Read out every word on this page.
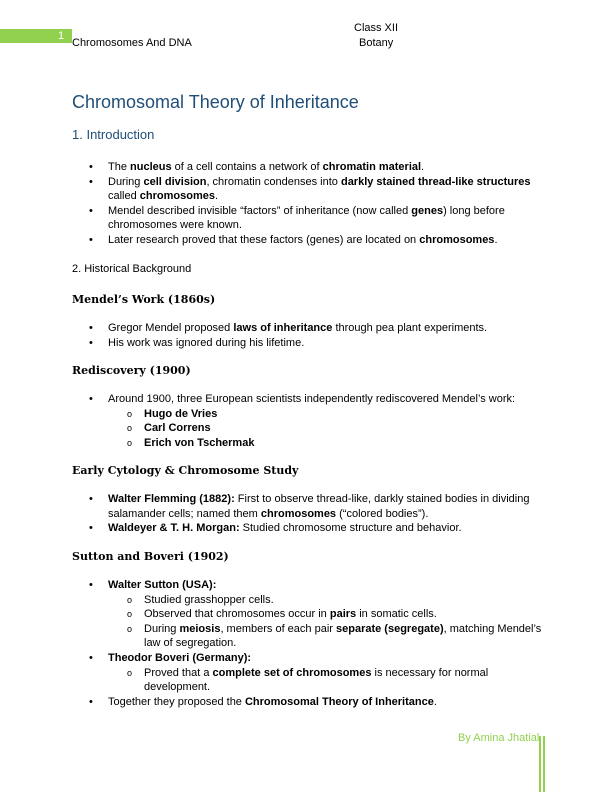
1
Chromosomes And DNA
Class XII
Botany
Chromosomal Theory of Inheritance
1. Introduction
• The nucleus of a cell contains a network of chromatin material.
• During cell division, chromatin condenses into darkly stained thread-like structures called chromosomes.
• Mendel described invisible “factors” of inheritance (now called genes) long before chromosomes were known.
• Later research proved that these factors (genes) are located on chromosomes.
2. Historical Background
Mendel’s Work (1860s)
• Gregor Mendel proposed laws of inheritance through pea plant experiments.
• His work was ignored during his lifetime.
Rediscovery (1900)
• Around 1900, three European scientists independently rediscovered Mendel’s work:
o Hugo de Vries
o Carl Correns
o Erich von Tschermak
Early Cytology & Chromosome Study
• Walter Flemming (1882): First to observe thread-like, darkly stained bodies in dividing salamander cells; named them chromosomes (“colored bodies”).
• Waldeyer & T. H. Morgan: Studied chromosome structure and behavior.
Sutton and Boveri (1902)
• Walter Sutton (USA):
o Studied grasshopper cells.
o Observed that chromosomes occur in pairs in somatic cells.
o During meiosis, members of each pair separate (segregate), matching Mendel’s law of segregation.
• Theodor Boveri (Germany):
o Proved that a complete set of chromosomes is necessary for normal development.
• Together they proposed the Chromosomal Theory of Inheritance.
By Amina Jhatial
